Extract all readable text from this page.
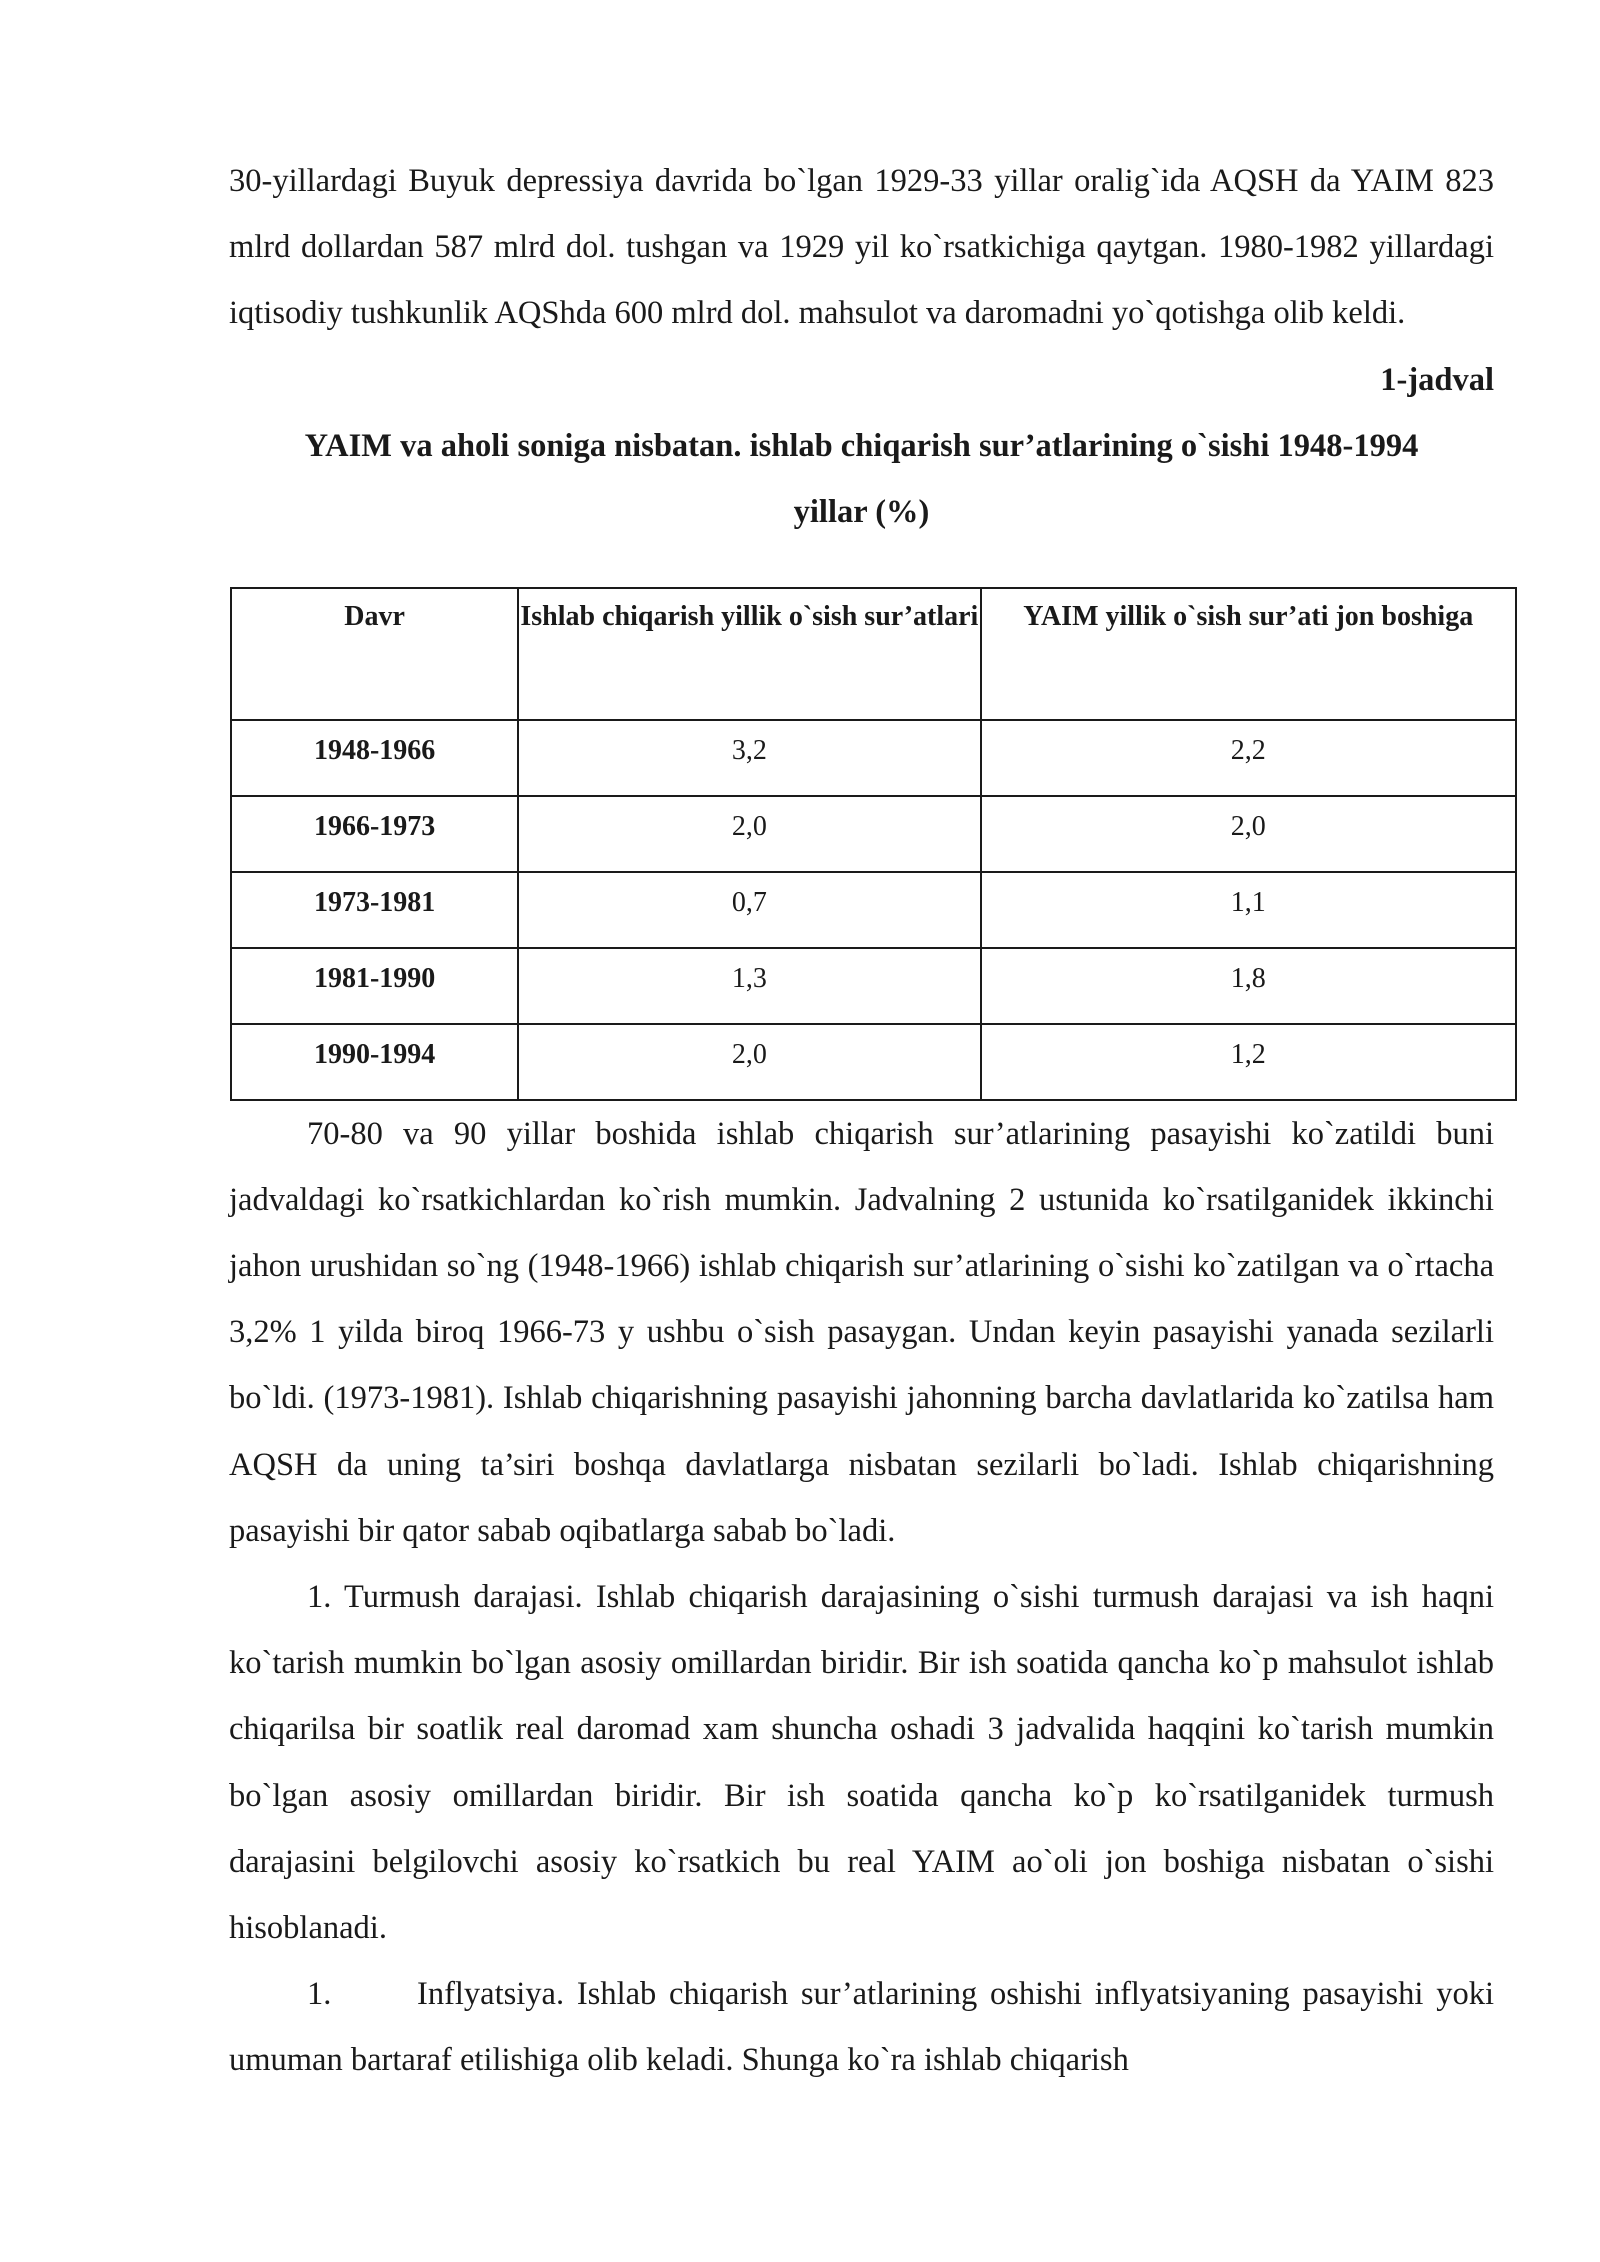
30-yillardagi Buyuk depressiya davrida bo`lgan 1929-33 yillar oralig`ida AQSH da YAIM 823 mlrd dollardan 587 mlrd dol. tushgan va 1929 yil ko`rsatkichiga qaytgan. 1980-1982 yillardagi iqtisodiy tushkunlik AQShda 600 mlrd dol. mahsulot va daromadni yo`qotishga olib keldi.

1-jadval

YAIM va aholi soniga nisbatan. ishlab chiqarish sur’atlarining o`sishi 1948-1994 yillar (%)

Davr	Ishlab chiqarish yillik o`sish sur’atlari	YAIM yillik o`sish sur’ati jon boshiga
1948-1966	3,2	2,2
1966-1973	2,0	2,0
1973-1981	0,7	1,1
1981-1990	1,3	1,8
1990-1994	2,0	1,2

70-80 va 90 yillar boshida ishlab chiqarish sur’atlarining pasayishi ko`zatildi buni jadvaldagi ko`rsatkichlardan ko`rish mumkin. Jadvalning 2 ustunida ko`rsatilganidek ikkinchi jahon urushidan so`ng (1948-1966) ishlab chiqarish sur’atlarining o`sishi ko`zatilgan va o`rtacha 3,2% 1 yilda biroq 1966-73 y ushbu o`sish pasaygan. Undan keyin pasayishi yanada sezilarli bo`ldi. (1973-1981). Ishlab chiqarishning pasayishi jahonning barcha davlatlarida ko`zatilsa ham AQSH da uning ta’siri boshqa davlatlarga nisbatan sezilarli bo`ladi. Ishlab chiqarishning pasayishi bir qator sabab oqibatlarga sabab bo`ladi.

1. Turmush darajasi. Ishlab chiqarish darajasining o`sishi turmush darajasi va ish haqni ko`tarish mumkin bo`lgan asosiy omillardan biridir. Bir ish soatida qancha ko`p mahsulot ishlab chiqarilsa bir soatlik real daromad xam shuncha oshadi 3 jadvalida haqqini ko`tarish mumkin bo`lgan asosiy omillardan biridir. Bir ish soatida qancha ko`p ko`rsatilganidek turmush darajasini belgilovchi asosiy ko`rsatkich bu real YAIM ao`oli jon boshiga nisbatan o`sishi hisoblanadi.

1.	Inflyatsiya. Ishlab chiqarish sur’atlarining oshishi inflyatsiyaning pasayishi yoki umuman bartaraf etilishiga olib keladi. Shunga ko`ra ishlab chiqarish
